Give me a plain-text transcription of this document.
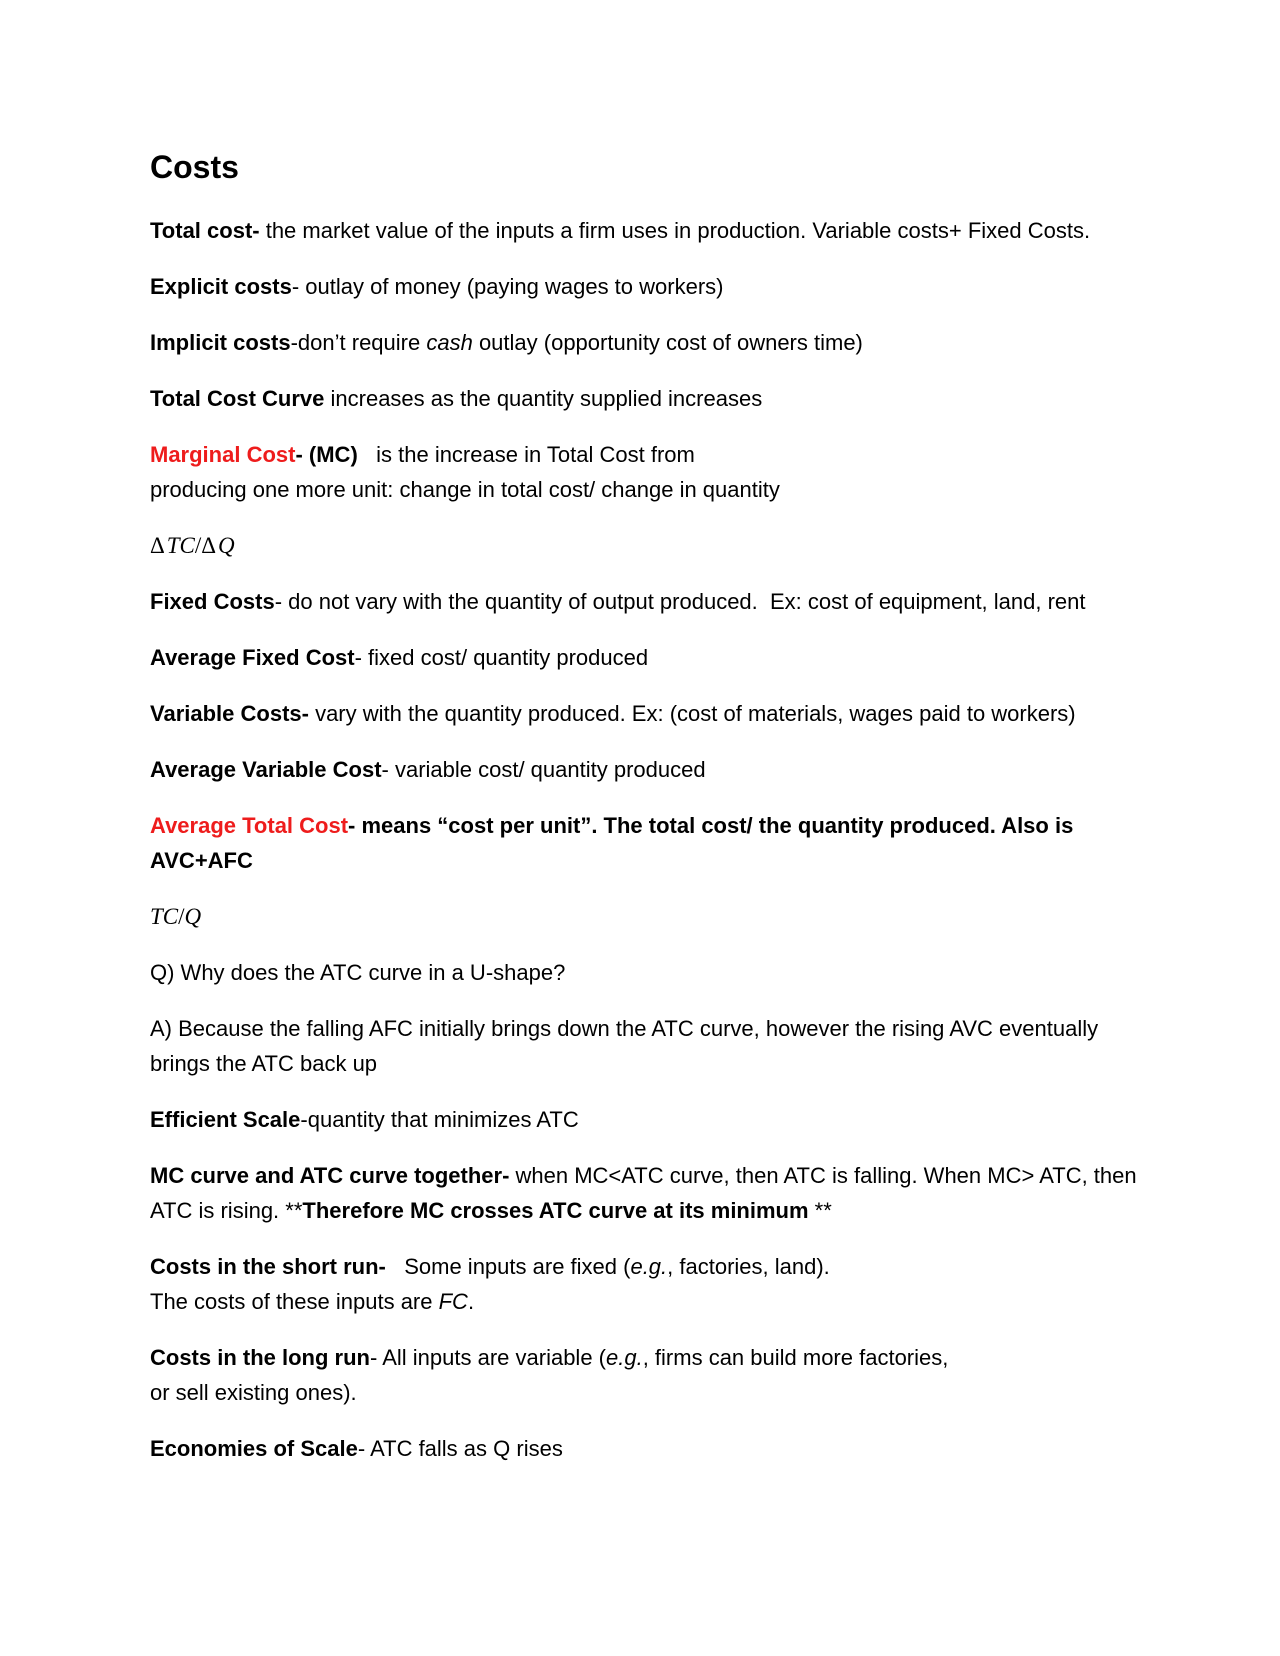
Costs

Total cost- the market value of the inputs a firm uses in production. Variable costs+ Fixed Costs.

Explicit costs- outlay of money (paying wages to workers)

Implicit costs-don’t require cash outlay (opportunity cost of owners time)

Total Cost Curve increases as the quantity supplied increases

Marginal Cost- (MC)   is the increase in Total Cost from
producing one more unit: change in total cost/ change in quantity

Δ TC/Δ Q

Fixed Costs- do not vary with the quantity of output produced.  Ex: cost of equipment, land, rent

Average Fixed Cost- fixed cost/ quantity produced

Variable Costs- vary with the quantity produced. Ex: (cost of materials, wages paid to workers)

Average Variable Cost- variable cost/ quantity produced

Average Total Cost- means “cost per unit”. The total cost/ the quantity produced. Also is AVC+AFC

TC/Q

Q) Why does the ATC curve in a U-shape?

A) Because the falling AFC initially brings down the ATC curve, however the rising AVC eventually brings the ATC back up

Efficient Scale-quantity that minimizes ATC

MC curve and ATC curve together- when MC<ATC curve, then ATC is falling. When MC> ATC, then ATC is rising. **Therefore MC crosses ATC curve at its minimum **

Costs in the short run-   Some inputs are fixed (e.g., factories, land).
The costs of these inputs are FC.

Costs in the long run- All inputs are variable (e.g., firms can build more factories,
or sell existing ones).

Economies of Scale- ATC falls as Q rises
